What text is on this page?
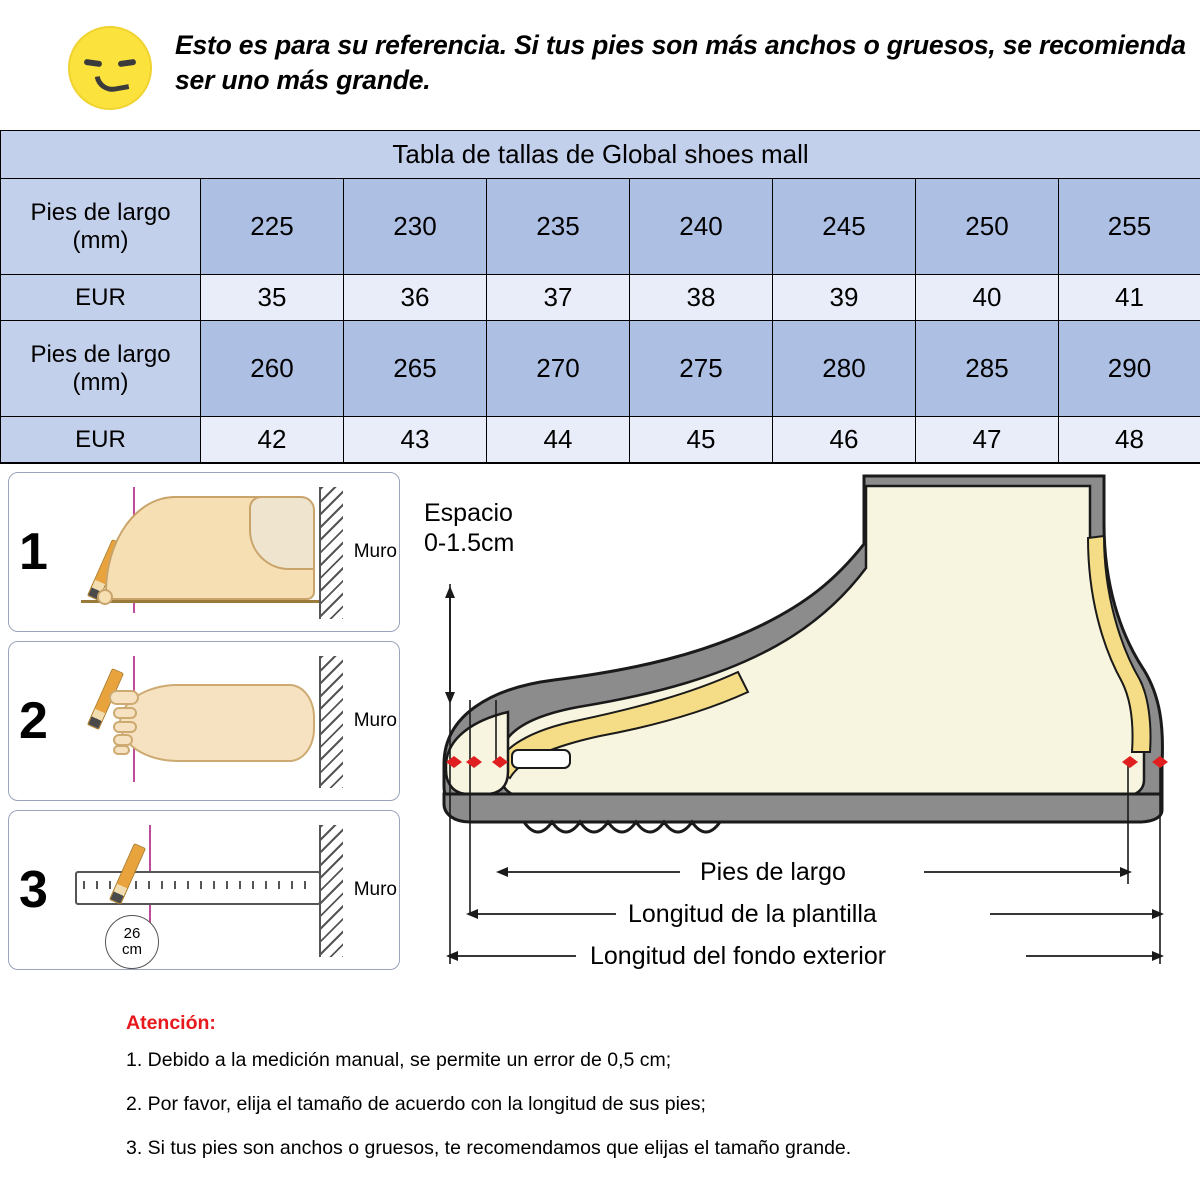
Esto es para su referencia. Si tus pies son más anchos o gruesos, se recomienda ser uno más grande.
Tabla de tallas de Global shoes mall							

Pies de largo
(mm)	225	230	235	240	245	250	255
EUR	35	36	37	38	39	40	41

Pies de largo
(mm)	260	265	270	275	280	285	290
EUR	42	43	44	45	46	47	48
1	Muro
2	Muro
3
26
cm
Muro
Espacio
0-1.5cm
Pies de largo
Longitud de la plantilla
Longitud del fondo exterior
Atención:
1. Debido a la medición manual, se permite un error de 0,5 cm;
2. Por favor, elija el tamaño de acuerdo con la longitud de sus pies;
3. Si tus pies son anchos o gruesos, te recomendamos que elijas el tamaño grande.
